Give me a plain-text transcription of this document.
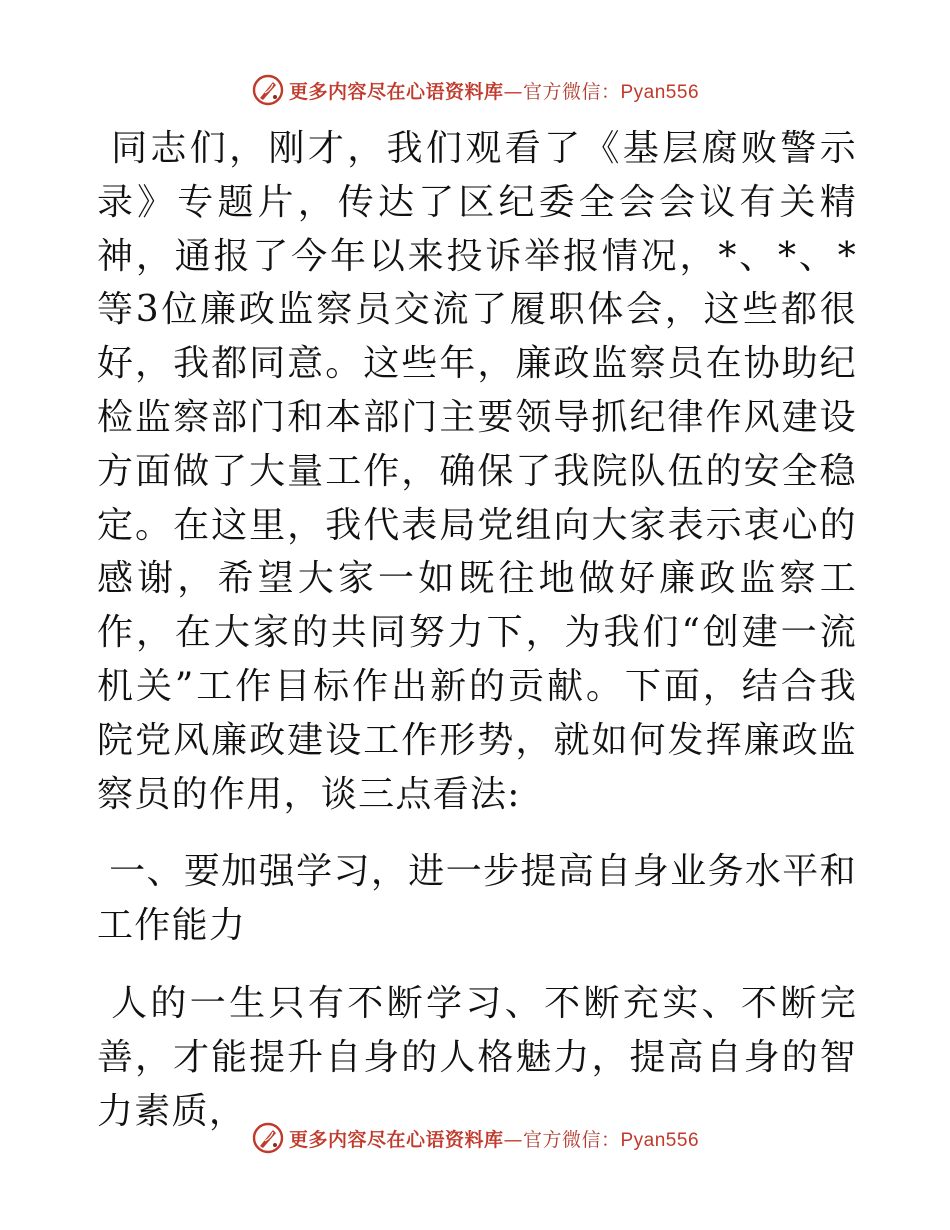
更多内容尽在心语资料库—官方微信：Pyan556

同志们，刚才，我们观看了《基层腐败警示录》专题片，传达了区纪委全会会议有关精神，通报了今年以来投诉举报情况，*、*、*等3位廉政监察员交流了履职体会，这些都很好，我都同意。这些年，廉政监察员在协助纪检监察部门和本部门主要领导抓纪律作风建设方面做了大量工作，确保了我院队伍的安全稳定。在这里，我代表局党组向大家表示衷心的感谢，希望大家一如既往地做好廉政监察工作，在大家的共同努力下，为我们“创建一流机关”工作目标作出新的贡献。下面，结合我院党风廉政建设工作形势，就如何发挥廉政监察员的作用，谈三点看法:

一、要加强学习，进一步提高自身业务水平和工作能力

人的一生只有不断学习、不断充实、不断完善，才能提升自身的人格魅力，提高自身的智力素质，

更多内容尽在心语资料库—官方微信：Pyan556
